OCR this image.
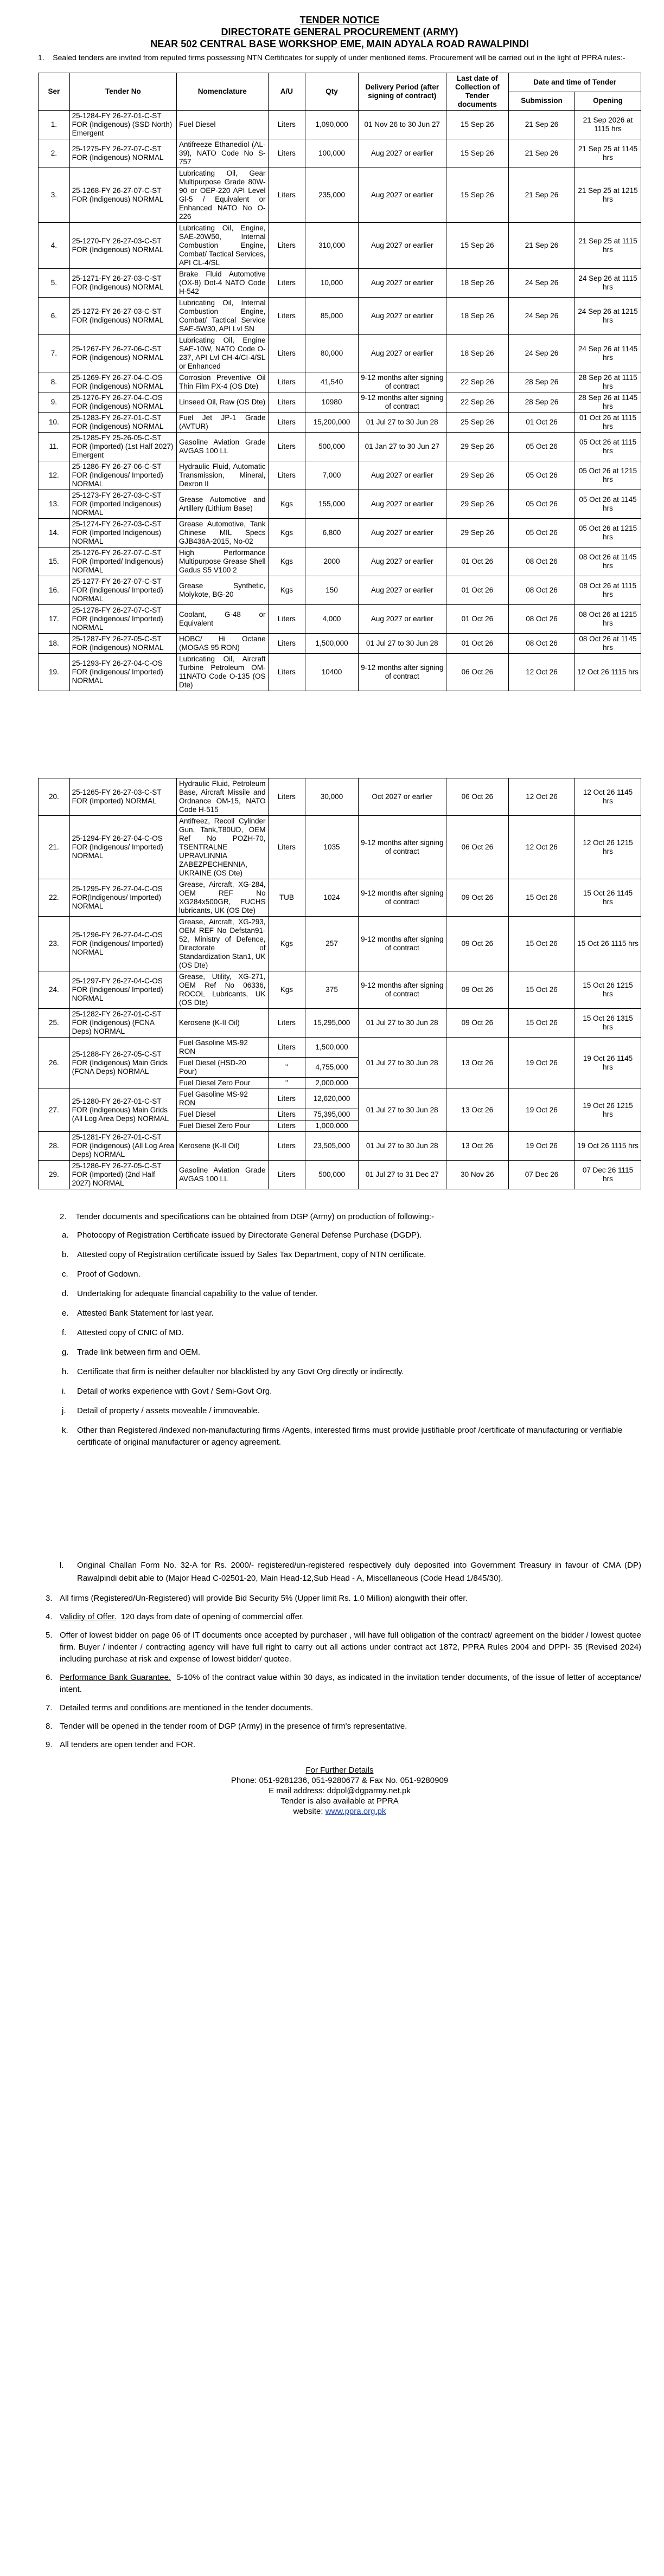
TENDER NOTICE
DIRECTORATE GENERAL PROCUREMENT (ARMY)
NEAR 502 CENTRAL BASE WORKSHOP EME, MAIN ADYALA ROAD RAWALPINDI
1.    Sealed tenders are invited from reputed firms possessing NTN Certificates for supply of under mentioned items. Procurement will be carried out in the light of PPRA rules:-
Ser	Tender No	Nomenclature	A/U	Qty	Delivery Period (after signing of contract)	Last date of Collection of Tender documents	Date and time of Tender	
							Submission	Opening
1.	25-1284-FY 26-27-01-C-ST FOR (Indigenous) (SSD North) Emergent	Fuel Diesel	Liters	1,090,000	01 Nov 26 to 30 Jun 27	15 Sep 26	21 Sep 26	21 Sep 2026 at 1115 hrs
2.	25-1275-FY 26-27-07-C-ST FOR (Indigenous) NORMAL	Antifreeze Ethanediol (AL-39), NATO Code No S-757	Liters	100,000	Aug 2027 or earlier	15 Sep 26	21 Sep 26	21 Sep 25 at 1145 hrs
3.	25-1268-FY 26-27-07-C-ST FOR (Indigenous) NORMAL	Lubricating Oil, Gear Multipurpose Grade 80W-90 or OEP-220 API Level Gl-5 / Equivalent or Enhanced NATO No O-226	Liters	235,000	Aug 2027 or earlier	15 Sep 26	21 Sep 26	21 Sep 25 at 1215 hrs
4.	25-1270-FY 26-27-03-C-ST FOR (Indigenous) NORMAL	Lubricating Oil, Engine, SAE-20W50, Internal Combustion Engine, Combat/ Tactical Services, API CL-4/SL	Liters	310,000	Aug 2027 or earlier	15 Sep 26	21 Sep 26	21 Sep 25 at 1115 hrs
5.	25-1271-FY 26-27-03-C-ST FOR (Indigenous) NORMAL	Brake Fluid Automotive (OX-8) Dot-4 NATO Code H-542	Liters	10,000	Aug 2027 or earlier	18 Sep 26	24 Sep 26	24 Sep 26 at 1115 hrs
6.	25-1272-FY 26-27-03-C-ST FOR (Indigenous) NORMAL	Lubricating Oil, Internal Combustion Engine, Combat/ Tactical Service SAE-5W30, API Lvl SN	Liters	85,000	Aug 2027 or earlier	18 Sep 26	24 Sep 26	24 Sep 26 at 1215 hrs
7.	25-1267-FY 26-27-06-C-ST FOR (Indigenous) NORMAL	Lubricating Oil, Engine SAE-10W, NATO Code O-237, API Lvl CH-4/CI-4/SL or Enhanced	Liters	80,000	Aug 2027 or earlier	18 Sep 26	24 Sep 26	24 Sep 26 at 1145 hrs
8.	25-1269-FY 26-27-04-C-OS FOR (Indigenous) NORMAL	Corrosion Preventive Oil Thin Film PX-4 (OS Dte)	Liters	41,540	9-12 months after signing of contract	22 Sep 26	28 Sep 26	28 Sep 26 at 1115 hrs
9.	25-1276-FY 26-27-04-C-OS FOR (Indigenous) NORMAL	Linseed Oil, Raw (OS Dte)	Liters	10980	9-12 months after signing of contract	22 Sep 26	28 Sep 26	28 Sep 26 at 1145 hrs
10.	25-1283-FY 26-27-01-C-ST FOR (Indigenous) NORMAL	Fuel Jet JP-1 Grade (AVTUR)	Liters	15,200,000	01 Jul 27 to 30 Jun 28	25 Sep 26	01 Oct 26	01 Oct 26 at 1115 hrs
11.	25-1285-FY 25-26-05-C-ST FOR (Imported) (1st Half 2027) Emergent	Gasoline Aviation Grade AVGAS 100 LL	Liters	500,000	01 Jan 27 to 30 Jun 27	29 Sep 26	05 Oct 26	05 Oct 26 at 1115 hrs
12.	25-1286-FY 26-27-06-C-ST FOR (Indigenous/ Imported) NORMAL	Hydraulic Fluid, Automatic Transmission, Mineral, Dexron II	Liters	7,000	Aug 2027 or earlier	29 Sep 26	05 Oct 26	05 Oct 26 at 1215 hrs
13.	25-1273-FY 26-27-03-C-ST FOR (Imported Indigenous) NORMAL	Grease Automotive and Artillery (Lithium Base)	Kgs	155,000	Aug 2027 or earlier	29 Sep 26	05 Oct 26	05 Oct 26 at 1145 hrs
14.	25-1274-FY 26-27-03-C-ST FOR (Imported Indigenous) NORMAL	Grease Automotive, Tank Chinese MIL Specs GJB436A-2015, No-02	Kgs	6,800	Aug 2027 or earlier	29 Sep 26	05 Oct 26	05 Oct 26 at 1215 hrs
15.	25-1276-FY 26-27-07-C-ST FOR (Imported/ Indigenous) NORMAL	High Performance Multipurpose Grease Shell Gadus S5 V100 2	Kgs	2000	Aug 2027 or earlier	01 Oct 26	08 Oct 26	08 Oct 26 at 1145 hrs
16.	25-1277-FY 26-27-07-C-ST FOR (Indigenous/ Imported) NORMAL	Grease Synthetic, Molykote, BG-20	Kgs	150	Aug 2027 or earlier	01 Oct 26	08 Oct 26	08 Oct 26 at 1115 hrs
17.	25-1278-FY 26-27-07-C-ST FOR (Indigenous/ Imported) NORMAL	Coolant, G-48 or Equivalent	Liters	4,000	Aug 2027 or earlier	01 Oct 26	08 Oct 26	08 Oct 26 at 1215 hrs
18.	25-1287-FY 26-27-05-C-ST FOR (Indigenous) NORMAL	HOBC/ Hi Octane (MOGAS 95 RON)	Liters	1,500,000	01 Jul 27 to 30 Jun 28	01 Oct 26	08 Oct 26	08 Oct 26 at 1145 hrs
19.	25-1293-FY 26-27-04-C-OS FOR (Indigenous/ Imported) NORMAL	Lubricating Oil, Aircraft Turbine Petroleum OM-11NATO Code O-135 (OS Dte)	Liters	10400	9-12 months after signing of contract	06 Oct 26	12 Oct 26	12 Oct 26 1115 hrs
20.	25-1265-FY 26-27-03-C-ST FOR (Imported) NORMAL	Hydraulic Fluid, Petroleum Base, Aircraft Missile and Ordnance OM-15, NATO Code H-515	Liters	30,000	Oct 2027 or earlier	06 Oct 26	12 Oct 26	12 Oct 26 1145 hrs
21.	25-1294-FY 26-27-04-C-OS FOR (Indigenous/ Imported) NORMAL	Antifreez, Recoil Cylinder Gun, Tank,T80UD, OEM Ref No POZH-70, TSENTRALNE UPRAVLINNIA ZABEZPECHENNIA, UKRAINE (OS Dte)	Liters	1035	9-12 months after signing of contract	06 Oct 26	12 Oct 26	12 Oct 26 1215 hrs
22.	25-1295-FY 26-27-04-C-OS FOR(Indigenous/ Imported) NORMAL	Grease, Aircraft, XG-284, OEM REF No XG284x500GR, FUCHS lubricants, UK (OS Dte)	TUB	1024	9-12 months after signing of contract	09 Oct 26	15 Oct 26	15 Oct 26 1145 hrs
23.	25-1296-FY 26-27-04-C-OS FOR (Indigenous/ Imported) NORMAL	Grease, Aircraft, XG-293, OEM REF No Defstan91-52, Ministry of Defence, Directorate of Standardization Stan1, UK (OS Dte)	Kgs	257	9-12 months after signing of contract	09 Oct 26	15 Oct 26	15 Oct 26 1115 hrs
24.	25-1297-FY 26-27-04-C-OS FOR (Indigenous/ Imported) NORMAL	Grease, Utility, XG-271, OEM Ref No 06336, ROCOL Lubricants, UK (OS Dte)	Kgs	375	9-12 months after signing of contract	09 Oct 26	15 Oct 26	15 Oct 26 1215 hrs
25.	25-1282-FY 26-27-01-C-ST FOR (Indigenous) (FCNA Deps) NORMAL	Kerosene (K-II Oil)	Liters	15,295,000	01 Jul 27 to 30 Jun 28	09 Oct 26	15 Oct 26	15 Oct 26 1315 hrs
26.	25-1288-FY 26-27-05-C-ST FOR (Indigenous) Main Grids (FCNA Deps) NORMAL	Fuel Gasoline MS-92 RON	Liters	1,500,000	01 Jul 27 to 30 Jun 28	13 Oct 26	19 Oct 26	19 Oct 26 1145 hrs
		Fuel Diesel (HSD-20 Pour)	"	4,755,000				
		Fuel Diesel Zero Pour	"	2,000,000				
27.	25-1280-FY 26-27-01-C-ST FOR (Indigenous) Main Grids (All Log Area Deps) NORMAL	Fuel Gasoline MS-92 RON	Liters	12,620,000	01 Jul 27 to 30 Jun 28	13 Oct 26	19 Oct 26	19 Oct 26 1215 hrs
		Fuel Diesel	Liters	75,395,000				
		Fuel Diesel Zero Pour	Liters	1,000,000				
28.	25-1281-FY 26-27-01-C-ST FOR (Indigenous) (All Log Area Deps) NORMAL	Kerosene (K-II Oil)	Liters	23,505,000	01 Jul 27 to 30 Jun 28	13 Oct 26	19 Oct 26	19 Oct 26 1115 hrs
29.	25-1286-FY 26-27-05-C-ST FOR (Imported) (2nd Half 2027) NORMAL	Gasoline Aviation Grade AVGAS 100 LL	Liters	500,000	01 Jul 27 to 31 Dec 27	30 Nov 26	07 Dec 26	07 Dec 26 1115 hrs
2.    Tender documents and specifications can be obtained from DGP (Army) on production of following:-
a. Photocopy of Registration Certificate issued by Directorate General Defense Purchase (DGDP).
b. Attested copy of Registration certificate issued by Sales Tax Department, copy of NTN certificate.
c. Proof of Godown.
d. Undertaking for adequate financial capability to the value of tender.
e. Attested Bank Statement for last year.
f. Attested copy of CNIC of MD.
g. Trade link between firm and OEM.
h. Certificate that firm is neither defaulter nor blacklisted by any Govt Org directly or indirectly.
i. Detail of works experience with Govt / Semi-Govt Org.
j. Detail of property / assets moveable / immoveable.
k. Other than Registered /indexed non-manufacturing firms /Agents, interested firms must provide justifiable proof /certificate of manufacturing or verifiable certificate of original manufacturer or agency agreement.
l. Original Challan Form No. 32-A for Rs. 2000/- registered/un-registered respectively duly deposited into Government Treasury in favour of CMA (DP) Rawalpindi debit able to (Major Head C-02501-20, Main Head-12,Sub Head - A, Miscellaneous (Code Head 1/845/30).
3. All firms (Registered/Un-Registered) will provide Bid Security 5% (Upper limit Rs. 1.0 Million) alongwith their offer.
4. Validity of Offer.  120 days from date of opening of commercial offer.
5. Offer of lowest bidder on page 06 of IT documents once accepted by purchaser , will have full obligation of the contract/ agreement on the bidder / lowest quotee firm. Buyer / indenter / contracting agency will have full right to carry out all actions under contract act 1872, PPRA Rules 2004 and DPPI- 35 (Revised 2024) including purchase at risk and expense of lowest bidder/ quotee.
6. Performance Bank Guarantee.  5-10% of the contract value within 30 days, as indicated in the invitation tender documents, of the issue of letter of acceptance/ intent.
7. Detailed terms and conditions are mentioned in the tender documents.
8. Tender will be opened in the tender room of DGP (Army) in the presence of firm's representative.
9. All tenders are open tender and FOR.
For Further Details
Phone: 051-9281236, 051-9280677 & Fax No. 051-9280909
E mail address: ddpol@dgparmy.net.pk
Tender is also available at PPRA
website: www.ppra.org.pk
